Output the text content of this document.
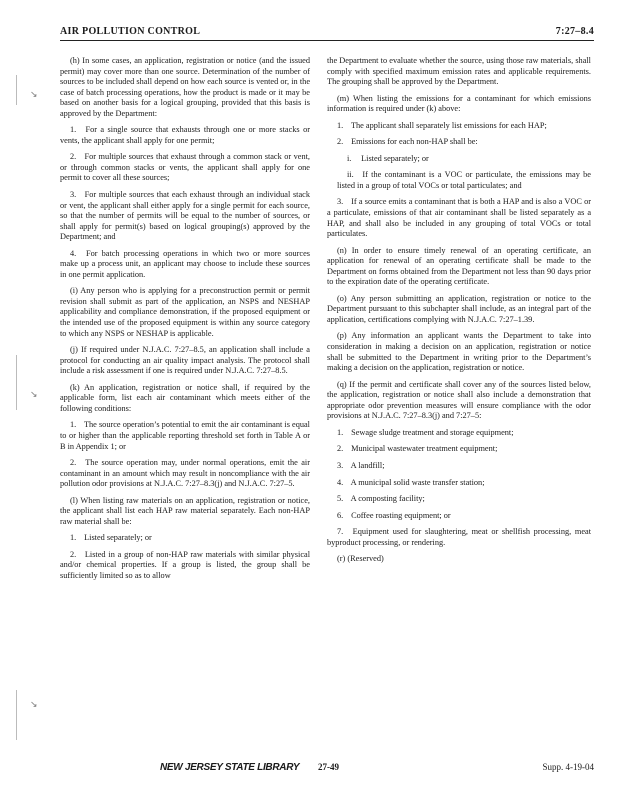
AIR POLLUTION CONTROL	7:27–8.4
↘
↘
↘

(h) In some cases, an application, registration or notice (and the issued permit) may cover more than one source. Determination of the number of sources to be included shall depend on how each source is vented or, in the case of batch processing operations, how the product is made or it may be based on another basis for a logical grouping, provided that this basis is approved by the Department:

1. For a single source that exhausts through one or more stacks or vents, the applicant shall apply for one permit;

2. For multiple sources that exhaust through a common stack or vent, or through common stacks or vents, the applicant shall apply for one permit to cover all these sources;

3. For multiple sources that each exhaust through an individual stack or vent, the applicant shall either apply for a single permit for each source, so that the number of permits will be equal to the number of sources, or shall apply for permit(s) based on logical grouping(s) approved by the Department; and

4. For batch processing operations in which two or more sources make up a process unit, an applicant may choose to include these sources in one permit application.

(i) Any person who is applying for a preconstruction permit or permit revision shall submit as part of the application, an NSPS and NESHAP applicability and compliance demonstration, if the proposed equipment or the intended use of the proposed equipment is within any source category to which any NSPS or NESHAP is applicable.

(j) If required under N.J.A.C. 7:27–8.5, an application shall include a protocol for conducting an air quality impact analysis. The protocol shall include a risk assessment if one is required under N.J.A.C. 7:27–8.5.

(k) An application, registration or notice shall, if required by the applicable form, list each air contaminant which meets either of the following conditions:

1. The source operation’s potential to emit the air contaminant is equal to or higher than the applicable reporting threshold set forth in Table A or B in Appendix 1; or

2. The source operation may, under normal operations, emit the air contaminant in an amount which may result in noncompliance with the air pollution odor provisions at N.J.A.C. 7:27–8.3(j) and N.J.A.C. 7:27–5.

(l) When listing raw materials on an application, registration or notice, the applicant shall list each HAP raw material separately. Each non-HAP raw material shall be:

1. Listed separately; or

2. Listed in a group of non-HAP raw materials with similar physical and/or chemical properties. If a group is listed, the group shall be sufficiently limited so as to allow

the Department to evaluate whether the source, using those raw materials, shall comply with specified maximum emission rates and applicable requirements. The grouping shall be approved by the Department.

(m) When listing the emissions for a contaminant for which emissions information is required under (k) above:

1. The applicant shall separately list emissions for each HAP;

2. Emissions for each non-HAP shall be:

i. Listed separately; or

ii. If the contaminant is a VOC or particulate, the emissions may be listed in a group of total VOCs or total particulates; and

3. If a source emits a contaminant that is both a HAP and is also a VOC or a particulate, emissions of that air contaminant shall be listed separately as a HAP, and shall also be included in any grouping of total VOCs or total particulates.

(n) In order to ensure timely renewal of an operating certificate, an application for renewal of an operating certificate shall be made to the Department on forms obtained from the Department not less than 90 days prior to the expiration date of the operating certificate.

(o) Any person submitting an application, registration or notice to the Department pursuant to this subchapter shall include, as an integral part of the application, certifications complying with N.J.A.C. 7:27–1.39.

(p) Any information an applicant wants the Department to take into consideration in making a decision on an application, registration or notice shall be submitted to the Department in writing prior to the Department’s making a decision on the application, registration or notice.

(q) If the permit and certificate shall cover any of the sources listed below, the application, registration or notice shall also include a demonstration that appropriate odor prevention measures will ensure compliance with the odor provisions at N.J.A.C. 7:27–8.3(j) and 7:27–5:

1. Sewage sludge treatment and storage equipment;

2. Municipal wastewater treatment equipment;

3. A landfill;

4. A municipal solid waste transfer station;

5. A composting facility;

6. Coffee roasting equipment; or

7. Equipment used for slaughtering, meat or shellfish processing, meat byproduct processing, or rendering.

(r) (Reserved)

NEW JERSEY STATE LIBRARY 27-49	Supp. 4-19-04
